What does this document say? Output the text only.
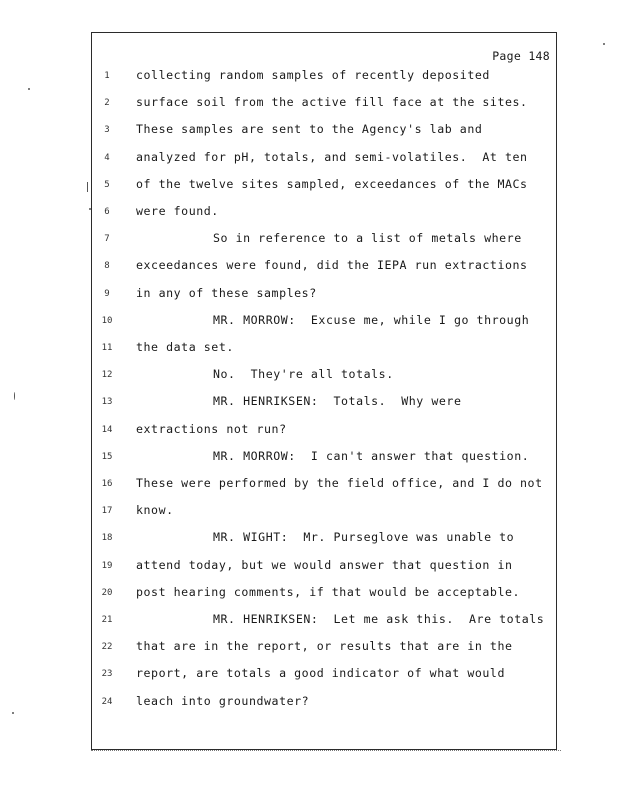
Page 148
1	collecting random samples of recently deposited
2	surface soil from the active fill face at the sites.
3	These samples are sent to the Agency's lab and
4	analyzed for pH, totals, and semi-volatiles.  At ten
5	of the twelve sites sampled, exceedances of the MACs
6	were found.
7	So in reference to a list of metals where
8	exceedances were found, did the IEPA run extractions
9	in any of these samples?
10	MR. MORROW:  Excuse me, while I go through
11	the data set.
12	No.  They're all totals.
13	MR. HENRIKSEN:  Totals.  Why were
14	extractions not run?
15	MR. MORROW:  I can't answer that question.
16	These were performed by the field office, and I do not
17	know.
18	MR. WIGHT:  Mr. Purseglove was unable to
19	attend today, but we would answer that question in
20	post hearing comments, if that would be acceptable.
21	MR. HENRIKSEN:  Let me ask this.  Are totals
22	that are in the report, or results that are in the
23	report, are totals a good indicator of what would
24	leach into groundwater?
